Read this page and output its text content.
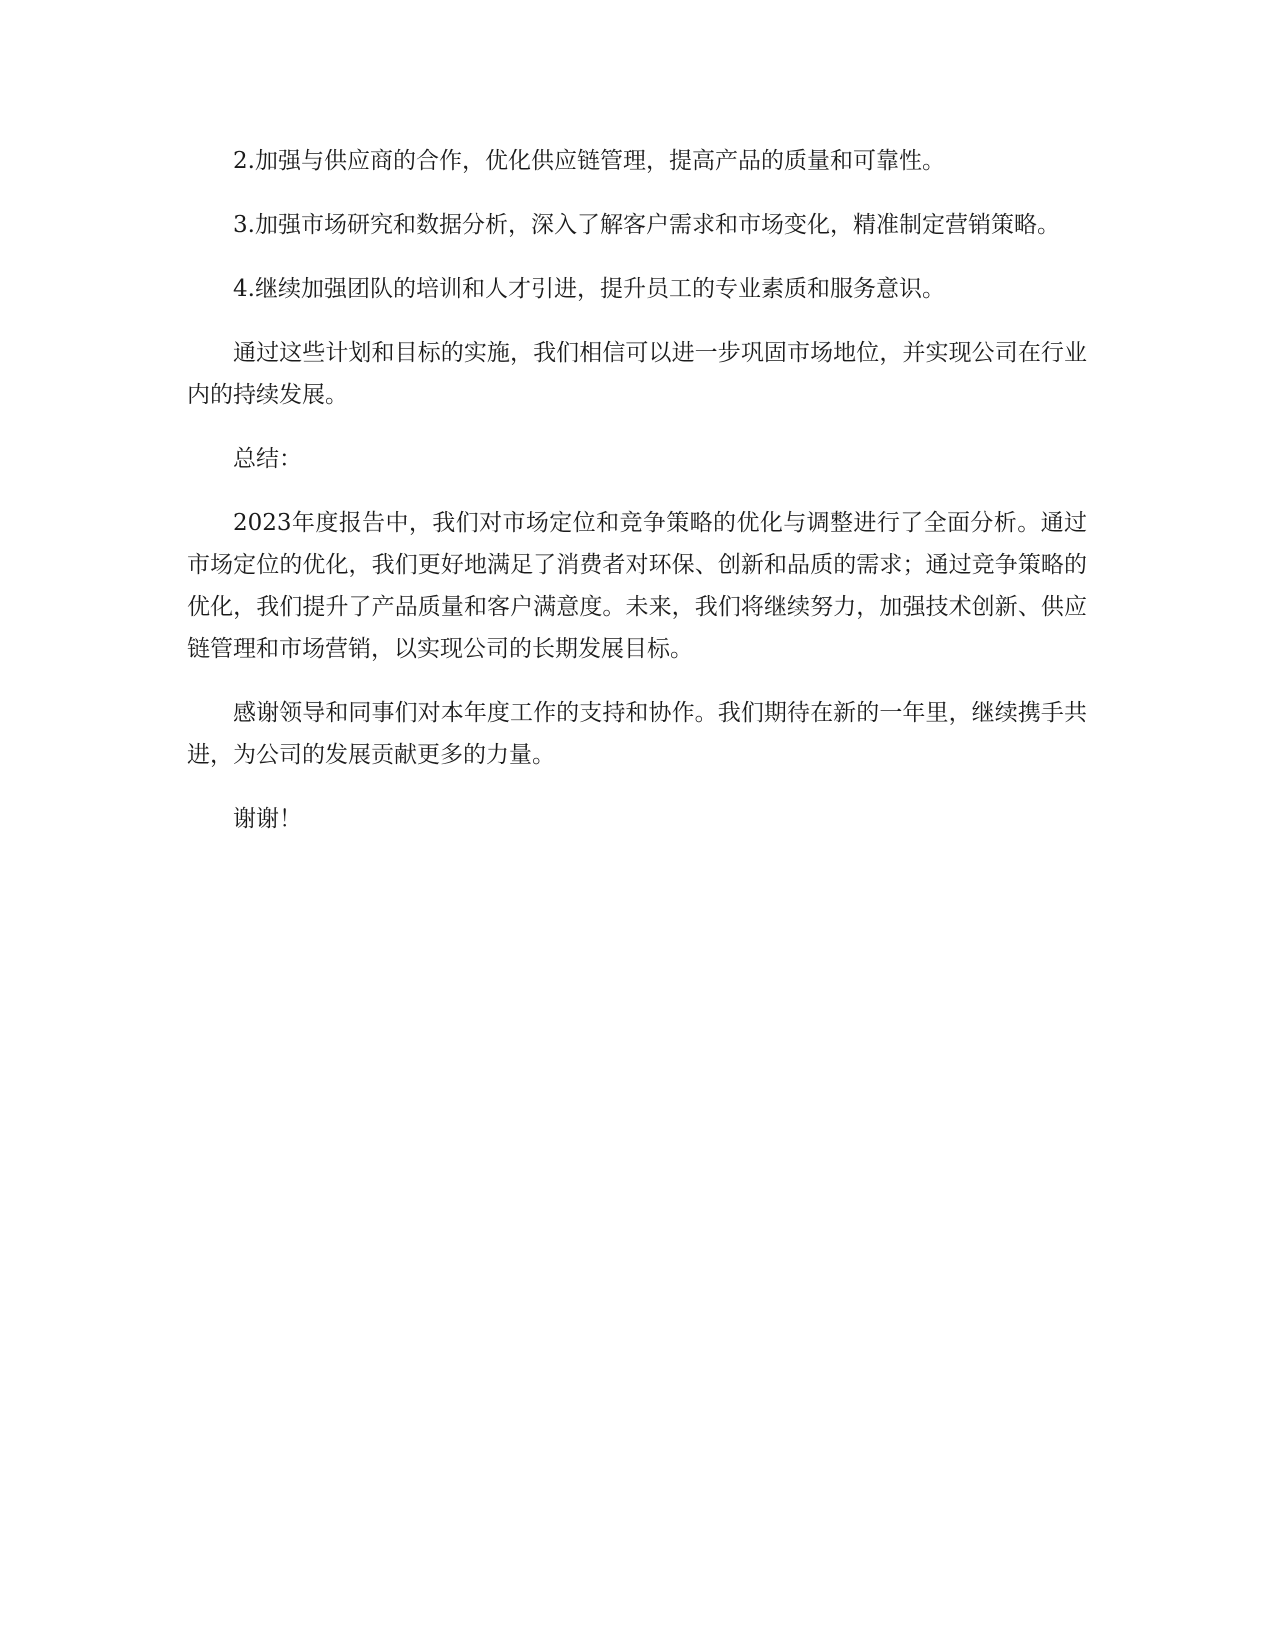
2.加强与供应商的合作，优化供应链管理，提高产品的质量和可靠性。

3.加强市场研究和数据分析，深入了解客户需求和市场变化，精准制定营销策略。

4.继续加强团队的培训和人才引进，提升员工的专业素质和服务意识。

通过这些计划和目标的实施，我们相信可以进一步巩固市场地位，并实现公司在行业内的持续发展。

总结：

2023年度报告中，我们对市场定位和竞争策略的优化与调整进行了全面分析。通过市场定位的优化，我们更好地满足了消费者对环保、创新和品质的需求；通过竞争策略的优化，我们提升了产品质量和客户满意度。未来，我们将继续努力，加强技术创新、供应链管理和市场营销，以实现公司的长期发展目标。

感谢领导和同事们对本年度工作的支持和协作。我们期待在新的一年里，继续携手共进，为公司的发展贡献更多的力量。

谢谢！
